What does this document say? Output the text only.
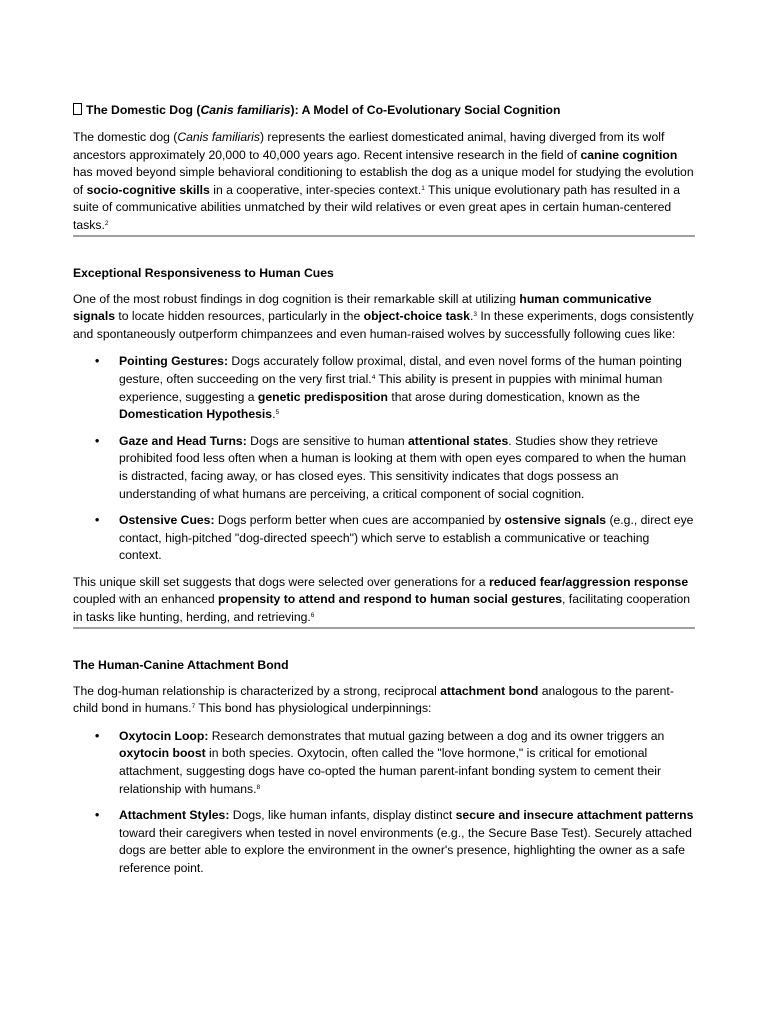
The Domestic Dog (Canis familiaris): A Model of Co-Evolutionary Social Cognition

The domestic dog (Canis familiaris) represents the earliest domesticated animal, having diverged from its wolf ancestors approximately 20,000 to 40,000 years ago. Recent intensive research in the field of canine cognition has moved beyond simple behavioral conditioning to establish the dog as a unique model for studying the evolution of socio-cognitive skills in a cooperative, inter-species context.$^1$ This unique evolutionary path has resulted in a suite of communicative abilities unmatched by their wild relatives or even great apes in certain human-centered tasks.$^2$

Exceptional Responsiveness to Human Cues

One of the most robust findings in dog cognition is their remarkable skill at utilizing human communicative signals to locate hidden resources, particularly in the object-choice task.$^3$ In these experiments, dogs consistently and spontaneously outperform chimpanzees and even human-raised wolves by successfully following cues like:

• Pointing Gestures: Dogs accurately follow proximal, distal, and even novel forms of the human pointing gesture, often succeeding on the very first trial.$^4$ This ability is present in puppies with minimal human experience, suggesting a genetic predisposition that arose during domestication, known as the Domestication Hypothesis.$^5$
• Gaze and Head Turns: Dogs are sensitive to human attentional states. Studies show they retrieve prohibited food less often when a human is looking at them with open eyes compared to when the human is distracted, facing away, or has closed eyes. This sensitivity indicates that dogs possess an understanding of what humans are perceiving, a critical component of social cognition.
• Ostensive Cues: Dogs perform better when cues are accompanied by ostensive signals (e.g., direct eye contact, high-pitched "dog-directed speech") which serve to establish a communicative or teaching context.

This unique skill set suggests that dogs were selected over generations for a reduced fear/aggression response coupled with an enhanced propensity to attend and respond to human social gestures, facilitating cooperation in tasks like hunting, herding, and retrieving.$^6$

The Human-Canine Attachment Bond

The dog-human relationship is characterized by a strong, reciprocal attachment bond analogous to the parent-child bond in humans.$^7$ This bond has physiological underpinnings:

• Oxytocin Loop: Research demonstrates that mutual gazing between a dog and its owner triggers an oxytocin boost in both species. Oxytocin, often called the "love hormone," is critical for emotional attachment, suggesting dogs have co-opted the human parent-infant bonding system to cement their relationship with humans.$^8$
• Attachment Styles: Dogs, like human infants, display distinct secure and insecure attachment patterns toward their caregivers when tested in novel environments (e.g., the Secure Base Test). Securely attached dogs are better able to explore the environment in the owner's presence, highlighting the owner as a safe reference point.
